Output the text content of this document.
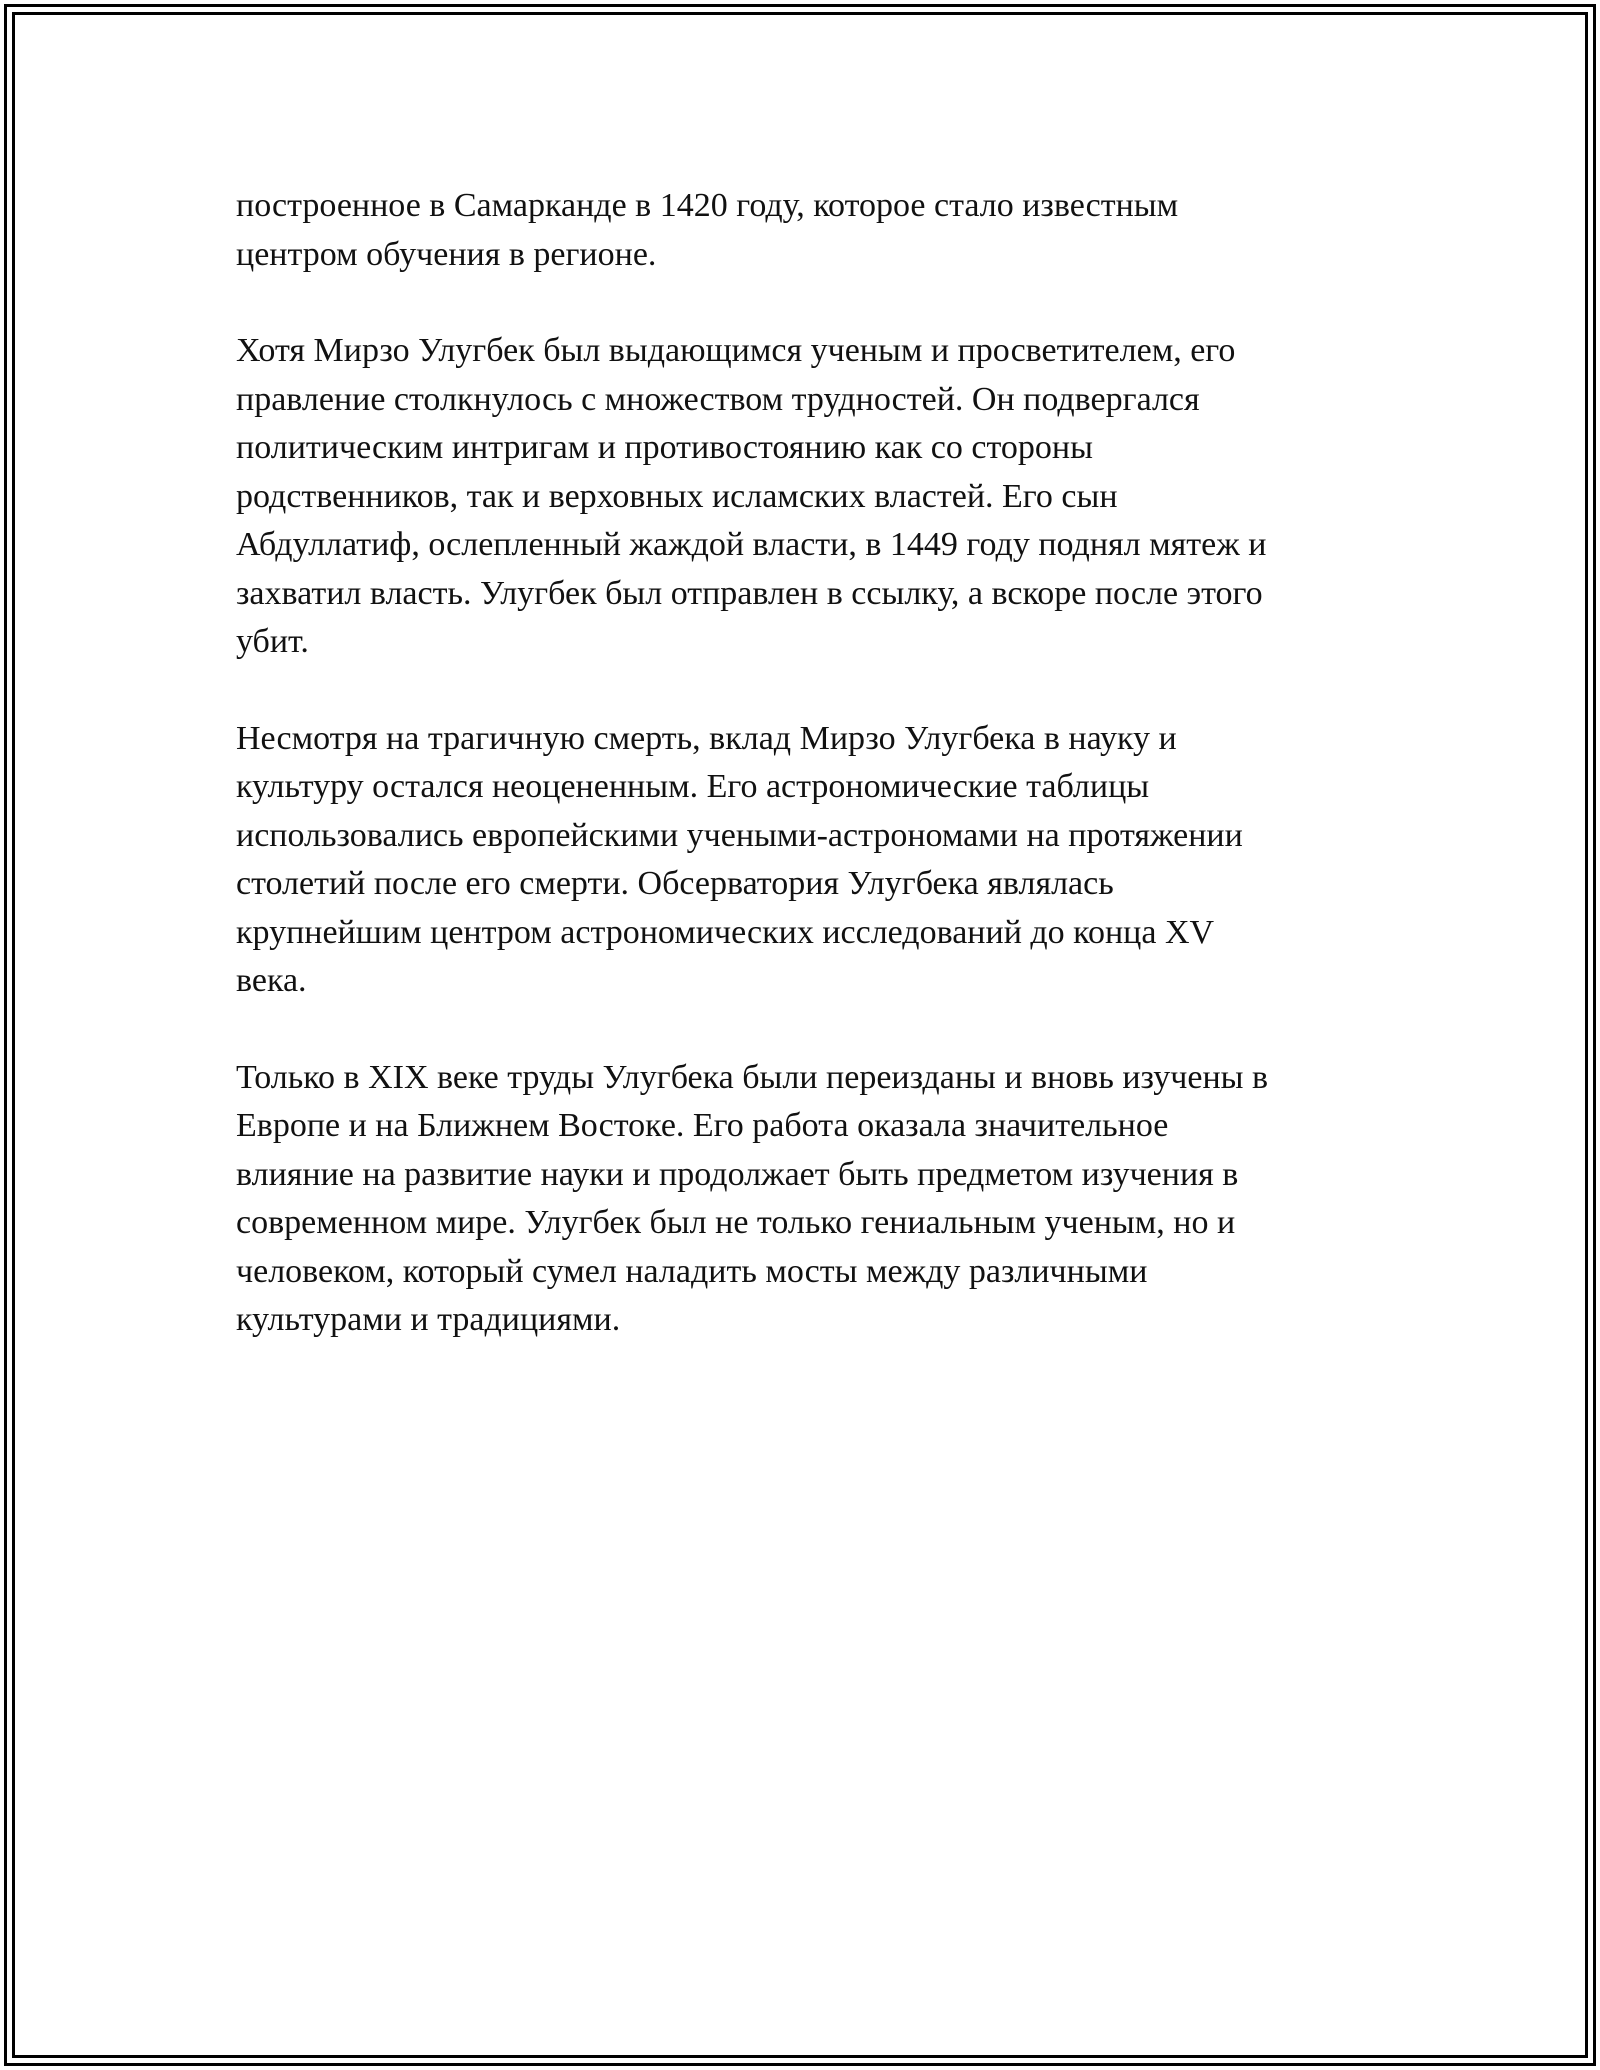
построенное в Самарканде в 1420 году, которое стало известным
центром обучения в регионе.

Хотя Мирзо Улугбек был выдающимся ученым и просветителем, его
правление столкнулось с множеством трудностей. Он подвергался
политическим интригам и противостоянию как со стороны
родственников, так и верховных исламских властей. Его сын
Абдуллатиф, ослепленный жаждой власти, в 1449 году поднял мятеж и
захватил власть. Улугбек был отправлен в ссылку, а вскоре после этого
убит.

Несмотря на трагичную смерть, вклад Мирзо Улугбека в науку и
культуру остался неоцененным. Его астрономические таблицы
использовались европейскими учеными-астрономами на протяжении
столетий после его смерти. Обсерватория Улугбека являлась
крупнейшим центром астрономических исследований до конца XV
века.

Только в XIX веке труды Улугбека были переизданы и вновь изучены в
Европе и на Ближнем Востоке. Его работа оказала значительное
влияние на развитие науки и продолжает быть предметом изучения в
современном мире. Улугбек был не только гениальным ученым, но и
человеком, который сумел наладить мосты между различными
культурами и традициями.
